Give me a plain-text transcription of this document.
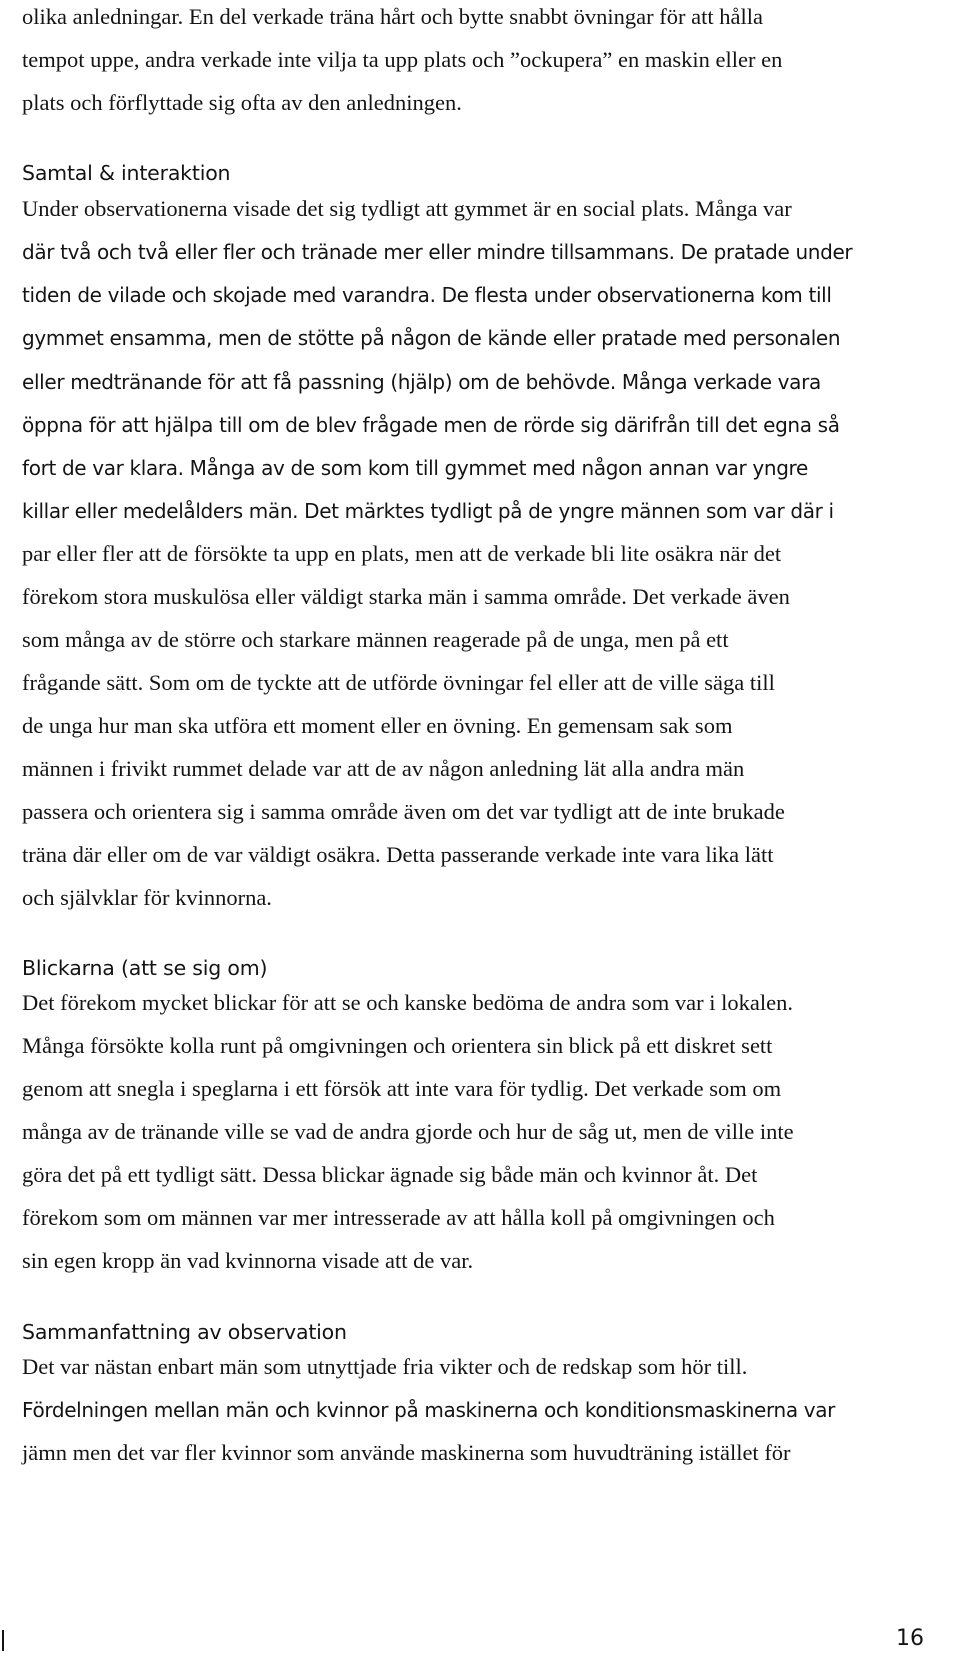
olika anledningar. En del verkade träna hårt och bytte snabbt övningar för att hålla
tempot uppe, andra verkade inte vilja ta upp plats och ”ockupera” en maskin eller en
plats och förflyttade sig ofta av den anledningen.
Samtal & interaktion
Under observationerna visade det sig tydligt att gymmet är en social plats. Många var
där två och två eller fler och tränade mer eller mindre tillsammans. De pratade under
tiden de vilade och skojade med varandra. De flesta under observationerna kom till
gymmet ensamma, men de stötte på någon de kände eller pratade med personalen
eller medtränande för att få passning (hjälp) om de behövde. Många verkade vara
öppna för att hjälpa till om de blev frågade men de rörde sig därifrån till det egna så
fort de var klara. Många av de som kom till gymmet med någon annan var yngre
killar eller medelålders män. Det märktes tydligt på de yngre männen som var där i
par eller fler att de försökte ta upp en plats, men att de verkade bli lite osäkra när det
förekom stora muskulösa eller väldigt starka män i samma område. Det verkade även
som många av de större och starkare männen reagerade på de unga, men på ett
frågande sätt. Som om de tyckte att de utförde övningar fel eller att de ville säga till
de unga hur man ska utföra ett moment eller en övning. En gemensam sak som
männen i frivikt rummet delade var att de av någon anledning lät alla andra män
passera och orientera sig i samma område även om det var tydligt att de inte brukade
träna där eller om de var väldigt osäkra. Detta passerande verkade inte vara lika lätt
och självklar för kvinnorna.
Blickarna (att se sig om)
Det förekom mycket blickar för att se och kanske bedöma de andra som var i lokalen.
Många försökte kolla runt på omgivningen och orientera sin blick på ett diskret sett
genom att snegla i speglarna i ett försök att inte vara för tydlig. Det verkade som om
många av de tränande ville se vad de andra gjorde och hur de såg ut, men de ville inte
göra det på ett tydligt sätt. Dessa blickar ägnade sig både män och kvinnor åt. Det
förekom som om männen var mer intresserade av att hålla koll på omgivningen och
sin egen kropp än vad kvinnorna visade att de var.
Sammanfattning av observation
Det var nästan enbart män som utnyttjade fria vikter och de redskap som hör till.
Fördelningen mellan män och kvinnor på maskinerna och konditionsmaskinerna var
jämn men det var fler kvinnor som använde maskinerna som huvudträning istället för
16
